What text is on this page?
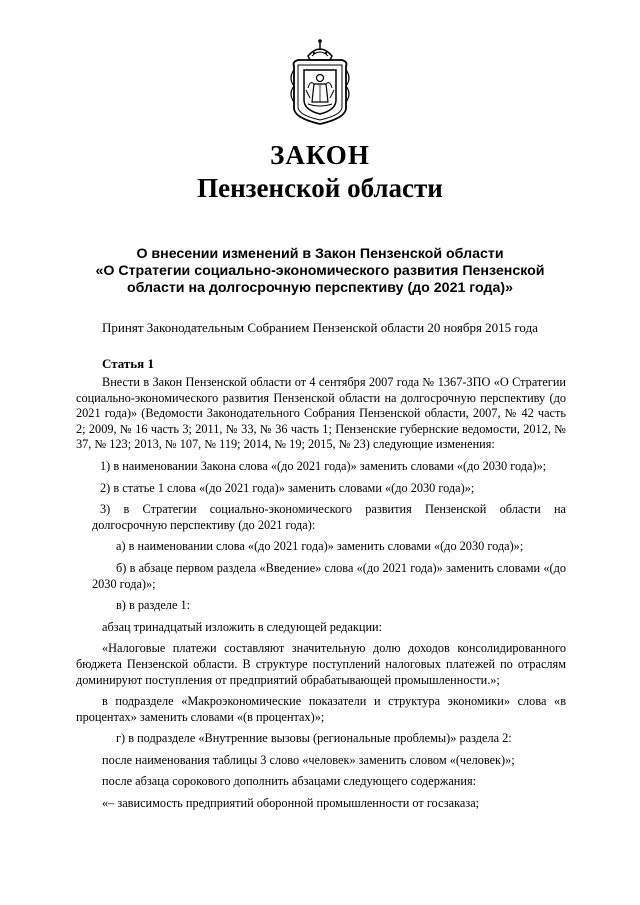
ЗАКОН
Пензенской области
О внесении изменений в Закон Пензенской области
«О Стратегии социально-экономического развития Пензенской
области на долгосрочную перспективу (до 2021 года)»
Принят Законодательным Собранием Пензенской области 20 ноября 2015 года
Статья 1

Внести в Закон Пензенской области от 4 сентября 2007 года № 1367-ЗПО «О Стратегии социально-экономического развития Пензенской области на долгосрочную перспективу (до 2021 года)» (Ведомости Законодательного Собрания Пензенской области, 2007, № 42 часть 2; 2009, № 16 часть 3; 2011, № 33, № 36 часть 1; Пензенские губернские ведомости, 2012, № 37, № 123; 2013, № 107, № 119; 2014, № 19; 2015, № 23) следующие изменения:

1) в наименовании Закона слова «(до 2021 года)» заменить словами «(до 2030 года)»;

2) в статье 1 слова «(до 2021 года)» заменить словами «(до 2030 года)»;

3) в Стратегии социально-экономического развития Пензенской области на долгосрочную перспективу (до 2021 года):

а) в наименовании слова «(до 2021 года)» заменить словами «(до 2030 года)»;

б) в абзаце первом раздела «Введение» слова «(до 2021 года)» заменить словами «(до 2030 года)»;

в) в разделе 1:

абзац тринадцатый изложить в следующей редакции:

«Налоговые платежи составляют значительную долю доходов консолидированного бюджета Пензенской области. В структуре поступлений налоговых платежей по отраслям доминируют поступления от предприятий обрабатывающей промышленности.»;

в подразделе «Макроэкономические показатели и структура экономики» слова «в процентах» заменить словами «(в процентах)»;

г) в подразделе «Внутренние вызовы (региональные проблемы)» раздела 2:

после наименования таблицы 3 слово «человек» заменить словом «(человек)»;

после абзаца сорокового дополнить абзацами следующего содержания:

«– зависимость предприятий оборонной промышленности от госзаказа;
